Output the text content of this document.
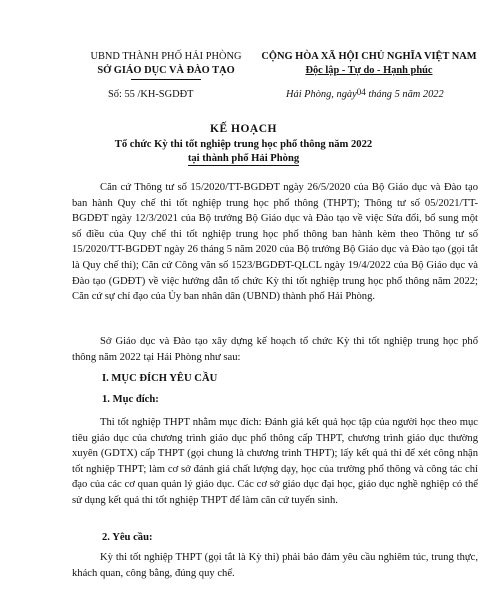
UBND THÀNH PHỐ HẢI PHÒNG
SỞ GIÁO DỤC VÀ ĐÀO TẠO
CỘNG HÒA XÃ HỘI CHỦ NGHĨA VIỆT NAM
Độc lập - Tự do - Hạnh phúc
Số: 55 /KH-SGDĐT	Hải Phòng, ngày04 tháng 5 năm 2022
KẾ HOẠCH
Tổ chức Kỳ thi tốt nghiệp trung học phổ thông năm 2022
tại thành phố Hải Phòng

Căn cứ Thông tư số 15/2020/TT-BGDĐT ngày 26/5/2020 của Bộ Giáo dục và Đào tạo ban hành Quy chế thi tốt nghiệp trung học phổ thông (THPT); Thông tư số 05/2021/TT-BGDĐT ngày 12/3/2021 của Bộ trưởng Bộ Giáo dục và Đào tạo về việc Sửa đổi, bổ sung một số điều của Quy chế thi tốt nghiệp trung học phổ thông ban hành kèm theo Thông tư số 15/2020/TT-BGDĐT ngày 26 tháng 5 năm 2020 của Bộ trưởng Bộ Giáo dục và Đào tạo (gọi tắt là Quy chế thi); Căn cứ Công văn số 1523/BGDĐT-QLCL ngày 19/4/2022 của Bộ Giáo dục và Đào tạo (GDĐT) về việc hướng dẫn tổ chức Kỳ thi tốt nghiệp trung học phổ thông năm 2022; Căn cứ sự chỉ đạo của Ủy ban nhân dân (UBND) thành phố Hải Phòng.

Sở Giáo dục và Đào tạo xây dựng kế hoạch tổ chức Kỳ thi tốt nghiệp trung học phổ thông năm 2022 tại Hải Phòng như sau:

I. MỤC ĐÍCH YÊU CẦU
1. Mục đích:

Thi tốt nghiệp THPT nhằm mục đích: Đánh giá kết quả học tập của người học theo mục tiêu giáo dục của chương trình giáo dục phổ thông cấp THPT, chương trình giáo dục thường xuyên (GDTX) cấp THPT (gọi chung là chương trình THPT); lấy kết quả thi để xét công nhận tốt nghiệp THPT; làm cơ sở đánh giá chất lượng dạy, học của trường phổ thông và công tác chỉ đạo của các cơ quan quản lý giáo dục. Các cơ sở giáo dục đại học, giáo dục nghề nghiệp có thể sử dụng kết quả thi tốt nghiệp THPT để làm căn cứ tuyển sinh.

2. Yêu cầu:

Kỳ thi tốt nghiệp THPT (gọi tắt là Kỳ thi) phải bảo đảm yêu cầu nghiêm túc, trung thực, khách quan, công bằng, đúng quy chế.
